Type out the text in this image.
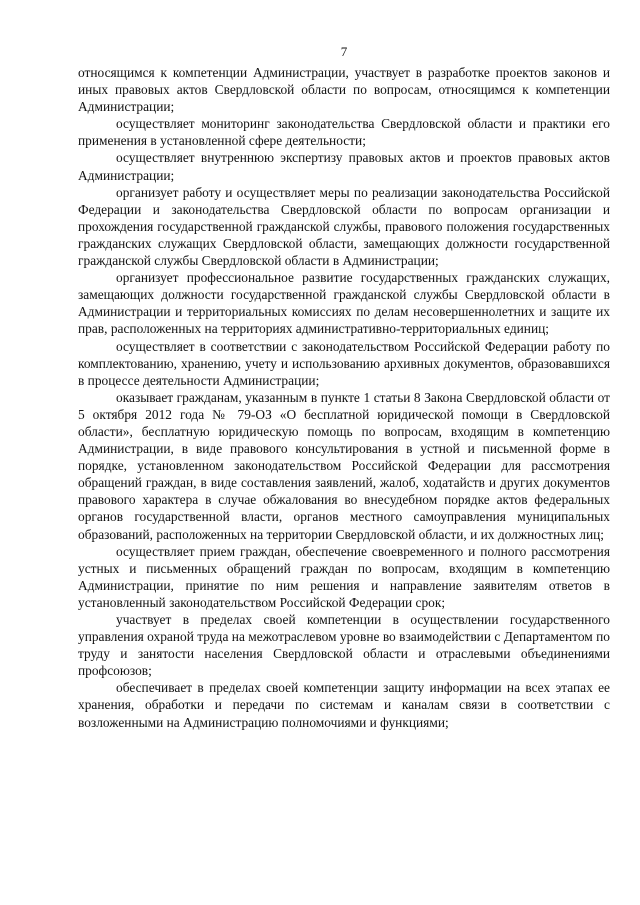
7

относящимся к компетенции Администрации, участвует в разработке проектов законов и иных правовых актов Свердловской области по вопросам, относящимся к компетенции Администрации;

осуществляет мониторинг законодательства Свердловской области и практики его применения в установленной сфере деятельности;

осуществляет внутреннюю экспертизу правовых актов и проектов правовых актов Администрации;

организует работу и осуществляет меры по реализации законодательства Российской Федерации и законодательства Свердловской области по вопросам организации и прохождения государственной гражданской службы, правового положения государственных гражданских служащих Свердловской области, замещающих должности государственной гражданской службы Свердловской области в Администрации;

организует профессиональное развитие государственных гражданских служащих, замещающих должности государственной гражданской службы Свердловской области в Администрации и территориальных комиссиях по делам несовершеннолетних и защите их прав, расположенных на территориях административно-территориальных единиц;

осуществляет в соответствии с законодательством Российской Федерации работу по комплектованию, хранению, учету и использованию архивных документов, образовавшихся в процессе деятельности Администрации;

оказывает гражданам, указанным в пункте 1 статьи 8 Закона Свердловской области от 5 октября 2012 года № 79-ОЗ «О бесплатной юридической помощи в Свердловской области», бесплатную юридическую помощь по вопросам, входящим в компетенцию Администрации, в виде правового консультирования в устной и письменной форме в порядке, установленном законодательством Российской Федерации для рассмотрения обращений граждан, в виде составления заявлений, жалоб, ходатайств и других документов правового характера в случае обжалования во внесудебном порядке актов федеральных органов государственной власти, органов местного самоуправления муниципальных образований, расположенных на территории Свердловской области, и их должностных лиц;

осуществляет прием граждан, обеспечение своевременного и полного рассмотрения устных и письменных обращений граждан по вопросам, входящим в компетенцию Администрации, принятие по ним решения и направление заявителям ответов в установленный законодательством Российской Федерации срок;

участвует в пределах своей компетенции в осуществлении государственного управления охраной труда на межотраслевом уровне во взаимодействии с Департаментом по труду и занятости населения Свердловской области и отраслевыми объединениями профсоюзов;

обеспечивает в пределах своей компетенции защиту информации на всех этапах ее хранения, обработки и передачи по системам и каналам связи в соответствии с возложенными на Администрацию полномочиями и функциями;
